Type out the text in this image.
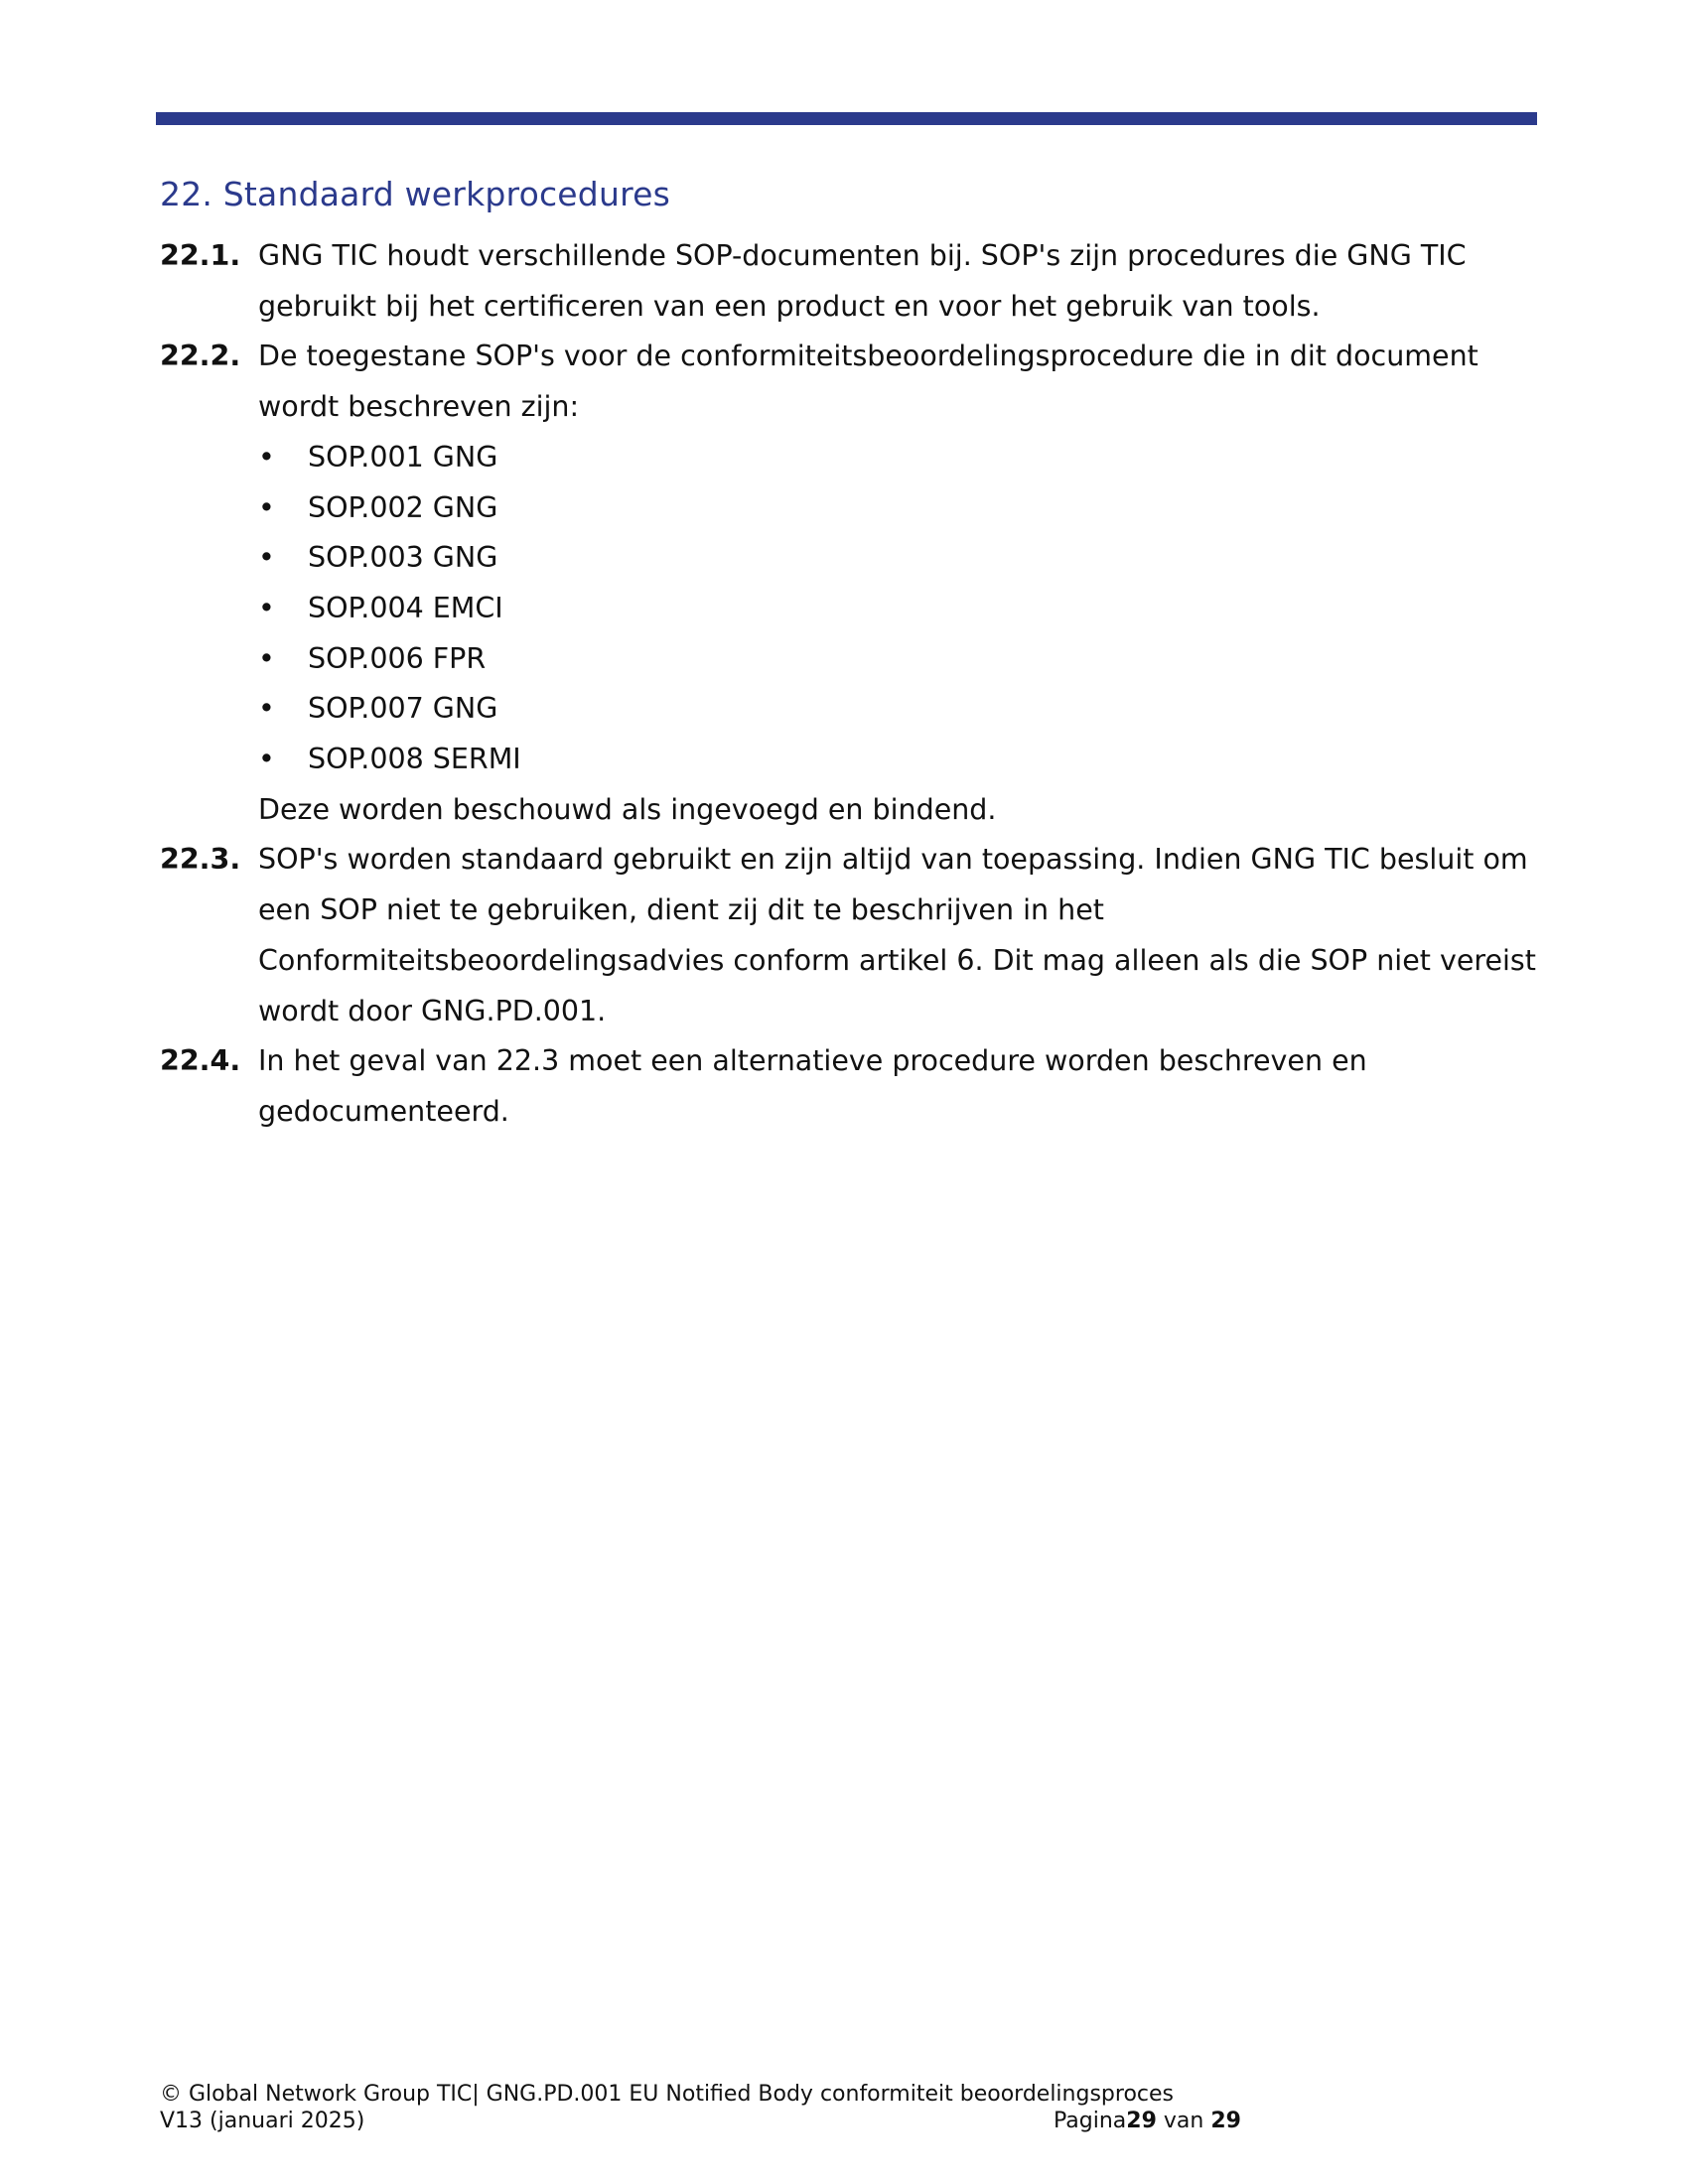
22. Standaard werkprocedures
22.1. GNG TIC houdt verschillende SOP-documenten bij. SOP's zijn procedures die GNG TIC
gebruikt bij het certificeren van een product en voor het gebruik van tools.
22.2. De toegestane SOP's voor de conformiteitsbeoordelingsprocedure die in dit document
wordt beschreven zijn:
•	SOP.001 GNG
•	SOP.002 GNG
•	SOP.003 GNG
•	SOP.004 EMCI
•	SOP.006 FPR
•	SOP.007 GNG
•	SOP.008 SERMI
Deze worden beschouwd als ingevoegd en bindend.
22.3. SOP's worden standaard gebruikt en zijn altijd van toepassing. Indien GNG TIC besluit om
een SOP niet te gebruiken, dient zij dit te beschrijven in het
Conformiteitsbeoordelingsadvies conform artikel 6. Dit mag alleen als die SOP niet vereist
wordt door GNG.PD.001.
22.4. In het geval van 22.3 moet een alternatieve procedure worden beschreven en
gedocumenteerd.
© Global Network Group TIC| GNG.PD.001 EU Notified Body conformiteit beoordelingsproces
V13 (januari 2025)	Pagina29 van 29
